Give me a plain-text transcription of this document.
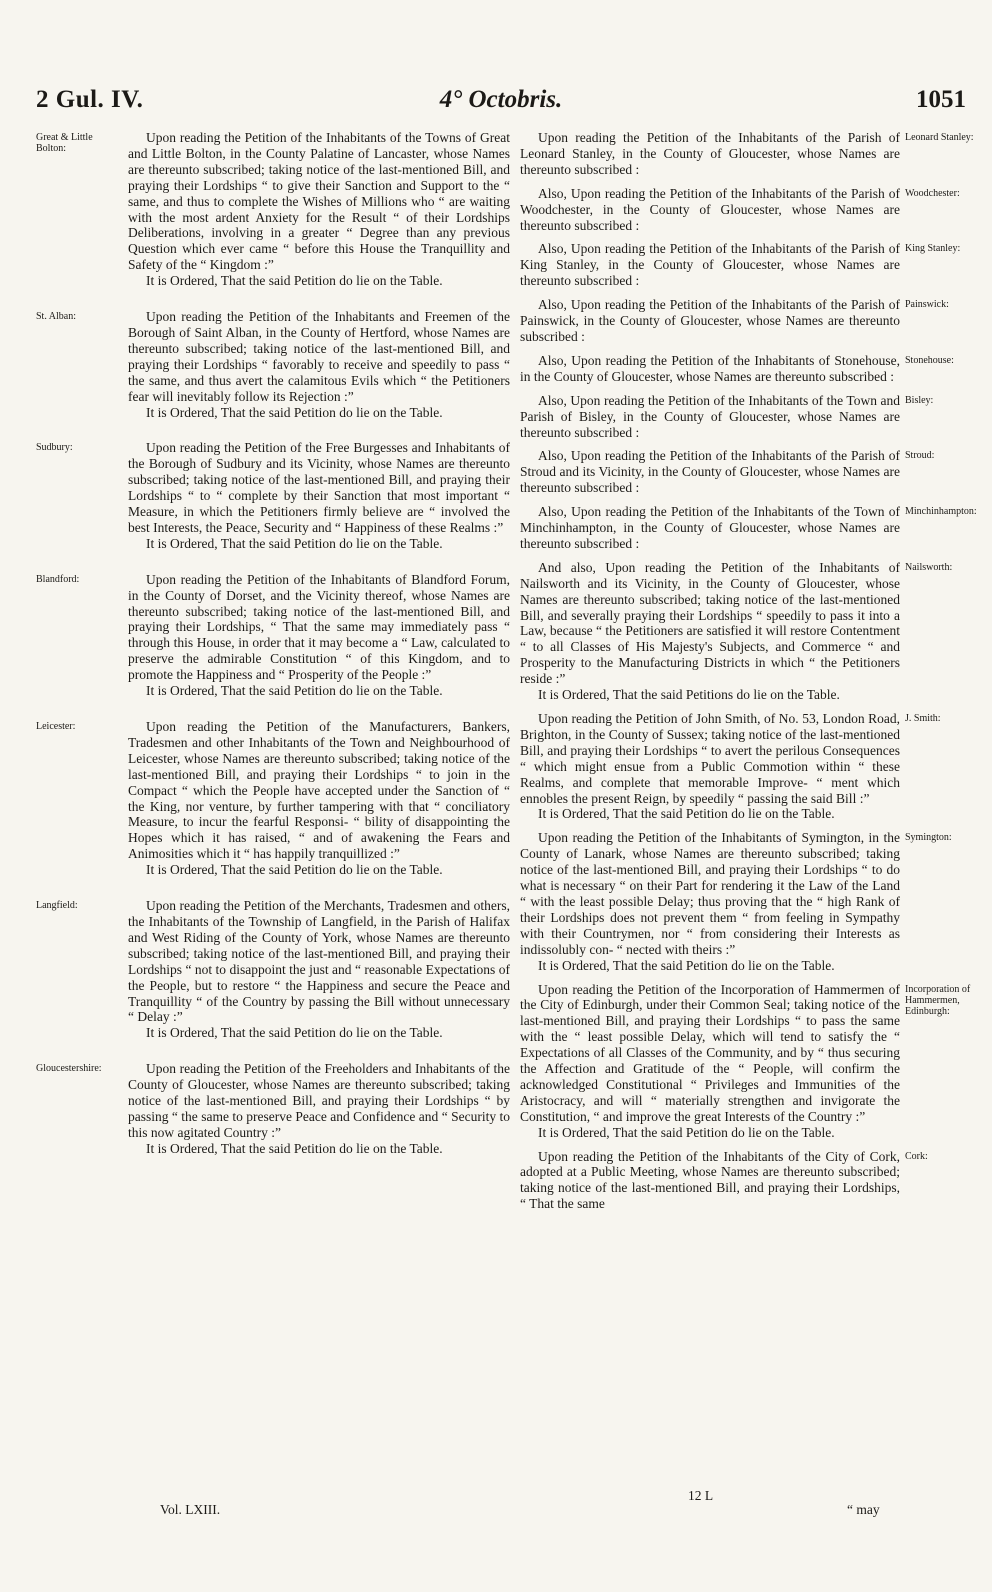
4° Octobris.
2 Gul. IV.	1051
Great & Little Bolton:

Upon reading the Petition of the Inhabitants of the Towns of Great and Little Bolton, in the County Palatine of Lancaster, whose Names are thereunto subscribed; taking notice of the last-mentioned Bill, and praying their Lordships “ to give their Sanction and Support to the “ same, and thus to complete the Wishes of Millions who “ are waiting with the most ardent Anxiety for the Result “ of their Lordships Deliberations, involving in a greater “ Degree than any previous Question which ever came “ before this House the Tranquillity and Safety of the “ Kingdom :”

It is Ordered, That the said Petition do lie on the Table.

St. Alban:	Upon reading the Petition of the Inhabitants and Freemen of the Borough of Saint Alban, in the County of Hertford, whose Names are thereunto subscribed; taking notice of the last-mentioned Bill, and praying their Lordships “ favorably to receive and speedily to pass “ the same, and thus avert the calamitous Evils which “ the Petitioners fear will inevitably follow its Rejection :”

It is Ordered, That the said Petition do lie on the Table.

Sudbury:	Upon reading the Petition of the Free Burgesses and Inhabitants of the Borough of Sudbury and its Vicinity, whose Names are thereunto subscribed; taking notice of the last-mentioned Bill, and praying their Lordships “ to “ complete by their Sanction that most important “ Measure, in which the Petitioners firmly believe are “ involved the best Interests, the Peace, Security and “ Happiness of these Realms :”

It is Ordered, That the said Petition do lie on the Table.

Blandford:	Upon reading the Petition of the Inhabitants of Blandford Forum, in the County of Dorset, and the Vicinity thereof, whose Names are thereunto subscribed; taking notice of the last-mentioned Bill, and praying their Lordships, “ That the same may immediately pass “ through this House, in order that it may become a “ Law, calculated to preserve the admirable Constitution “ of this Kingdom, and to promote the Happiness and “ Prosperity of the People :”

It is Ordered, That the said Petition do lie on the Table.

Leicester:	Upon reading the Petition of the Manufacturers, Bankers, Tradesmen and other Inhabitants of the Town and Neighbourhood of Leicester, whose Names are thereunto subscribed; taking notice of the last-mentioned Bill, and praying their Lordships “ to join in the Compact “ which the People have accepted under the Sanction of “ the King, nor venture, by further tampering with that “ conciliatory Measure, to incur the fearful Responsi- “ bility of disappointing the Hopes which it has raised, “ and of awakening the Fears and Animosities which it “ has happily tranquillized :”

It is Ordered, That the said Petition do lie on the Table.

Langfield:	Upon reading the Petition of the Merchants, Tradesmen and others, the Inhabitants of the Township of Langfield, in the Parish of Halifax and West Riding of the County of York, whose Names are thereunto subscribed; taking notice of the last-mentioned Bill, and praying their Lordships “ not to disappoint the just and “ reasonable Expectations of the People, but to restore “ the Happiness and secure the Peace and Tranquillity “ of the Country by passing the Bill without unnecessary “ Delay :”

It is Ordered, That the said Petition do lie on the Table.

Gloucestershire:	Upon reading the Petition of the Freeholders and Inhabitants of the County of Gloucester, whose Names are thereunto subscribed; taking notice of the last-mentioned Bill, and praying their Lordships “ by passing “ the same to preserve Peace and Confidence and “ Security to this now agitated Country :”

It is Ordered, That the said Petition do lie on the Table.

Leonard Stanley:

Upon reading the Petition of the Inhabitants of the Parish of Leonard Stanley, in the County of Gloucester, whose Names are thereunto subscribed :

Woodchester:

Also, Upon reading the Petition of the Inhabitants of the Parish of Woodchester, in the County of Gloucester, whose Names are thereunto subscribed :

King Stanley:

Also, Upon reading the Petition of the Inhabitants of the Parish of King Stanley, in the County of Gloucester, whose Names are thereunto subscribed :

Painswick:

Also, Upon reading the Petition of the Inhabitants of the Parish of Painswick, in the County of Gloucester, whose Names are thereunto subscribed :

Stonehouse:

Also, Upon reading the Petition of the Inhabitants of Stonehouse, in the County of Gloucester, whose Names are thereunto subscribed :

Bisley:

Also, Upon reading the Petition of the Inhabitants of the Town and Parish of Bisley, in the County of Gloucester, whose Names are thereunto subscribed :

Stroud:

Also, Upon reading the Petition of the Inhabitants of the Parish of Stroud and its Vicinity, in the County of Gloucester, whose Names are thereunto subscribed :

Minchinhampton:

Also, Upon reading the Petition of the Inhabitants of the Town of Minchinhampton, in the County of Gloucester, whose Names are thereunto subscribed :

Nailsworth:

And also, Upon reading the Petition of the Inhabitants of Nailsworth and its Vicinity, in the County of Gloucester, whose Names are thereunto subscribed; taking notice of the last-mentioned Bill, and severally praying their Lordships “ speedily to pass it into a Law, because “ the Petitioners are satisfied it will restore Contentment “ to all Classes of His Majesty's Subjects, and Commerce “ and Prosperity to the Manufacturing Districts in which “ the Petitioners reside :”

It is Ordered, That the said Petitions do lie on the Table.

J. Smith:

Upon reading the Petition of John Smith, of No. 53, London Road, Brighton, in the County of Sussex; taking notice of the last-mentioned Bill, and praying their Lordships “ to avert the perilous Consequences “ which might ensue from a Public Commotion within “ these Realms, and complete that memorable Improve- “ ment which ennobles the present Reign, by speedily “ passing the said Bill :”

It is Ordered, That the said Petition do lie on the Table.

Symington:

Upon reading the Petition of the Inhabitants of Symington, in the County of Lanark, whose Names are thereunto subscribed; taking notice of the last-mentioned Bill, and praying their Lordships “ to do what is necessary “ on their Part for rendering it the Law of the Land “ with the least possible Delay; thus proving that the “ high Rank of their Lordships does not prevent them “ from feeling in Sympathy with their Countrymen, nor “ from considering their Interests as indissolubly con- “ nected with theirs :”

It is Ordered, That the said Petition do lie on the Table.

Incorporation of Hammermen, Edinburgh:

Upon reading the Petition of the Incorporation of Hammermen of the City of Edinburgh, under their Common Seal; taking notice of the last-mentioned Bill, and praying their Lordships “ to pass the same with the “ least possible Delay, which will tend to satisfy the “ Expectations of all Classes of the Community, and by “ thus securing the Affection and Gratitude of the “ People, will confirm the acknowledged Constitutional “ Privileges and Immunities of the Aristocracy, and will “ materially strengthen and invigorate the Constitution, “ and improve the great Interests of the Country :”

It is Ordered, That the said Petition do lie on the Table.

Cork:

Upon reading the Petition of the Inhabitants of the City of Cork, adopted at a Public Meeting, whose Names are thereunto subscribed; taking notice of the last-mentioned Bill, and praying their Lordships, “ That the same

Vol. LXIII.
12 L
“ may
